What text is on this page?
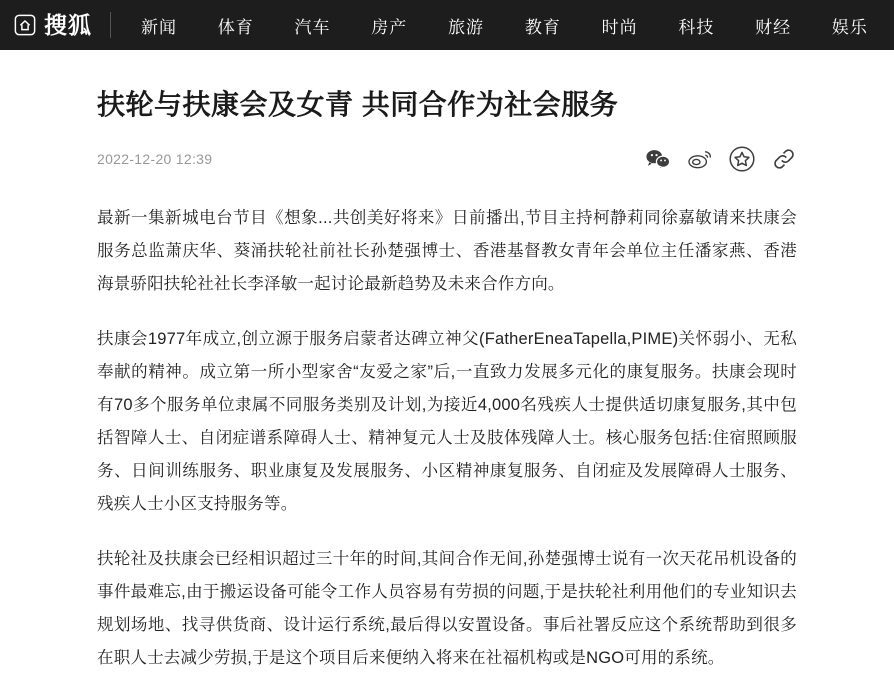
搜狐	新闻 体育 汽车 房产 旅游 教育 时尚 科技 财经 娱乐
扶轮与扶康会及女青 共同合作为社会服务
2022-12-20 12:39

最新一集新城电台节目《想象...共创美好将来》日前播出,节目主持柯静莉同徐嘉敏请来扶康会服务总监萧庆华、葵涌扶轮社前社长孙楚强博士、香港基督教女青年会单位主任潘家燕、香港海景骄阳扶轮社社长李泽敏一起讨论最新趋势及未来合作方向。

扶康会1977年成立,创立源于服务启蒙者达碑立神父(FatherEneaTapella,PIME)关怀弱小、无私奉献的精神。成立第一所小型家舍“友爱之家”后,一直致力发展多元化的康复服务。扶康会现时有70多个服务单位隶属不同服务类别及计划,为接近4,000名残疾人士提供适切康复服务,其中包括智障人士、自闭症谱系障碍人士、精神复元人士及肢体残障人士。核心服务包括:住宿照顾服务、日间训练服务、职业康复及发展服务、小区精神康复服务、自闭症及发展障碍人士服务、残疾人士小区支持服务等。

扶轮社及扶康会已经相识超过三十年的时间,其间合作无间,孙楚强博士说有一次天花吊机设备的事件最难忘,由于搬运设备可能令工作人员容易有劳损的问题,于是扶轮社利用他们的专业知识去规划场地、找寻供货商、设计运行系统,最后得以安置设备。事后社署反应这个系统帮助到很多在职人士去减少劳损,于是这个项目后来便纳入将来在社福机构或是NGO可用的系统。
